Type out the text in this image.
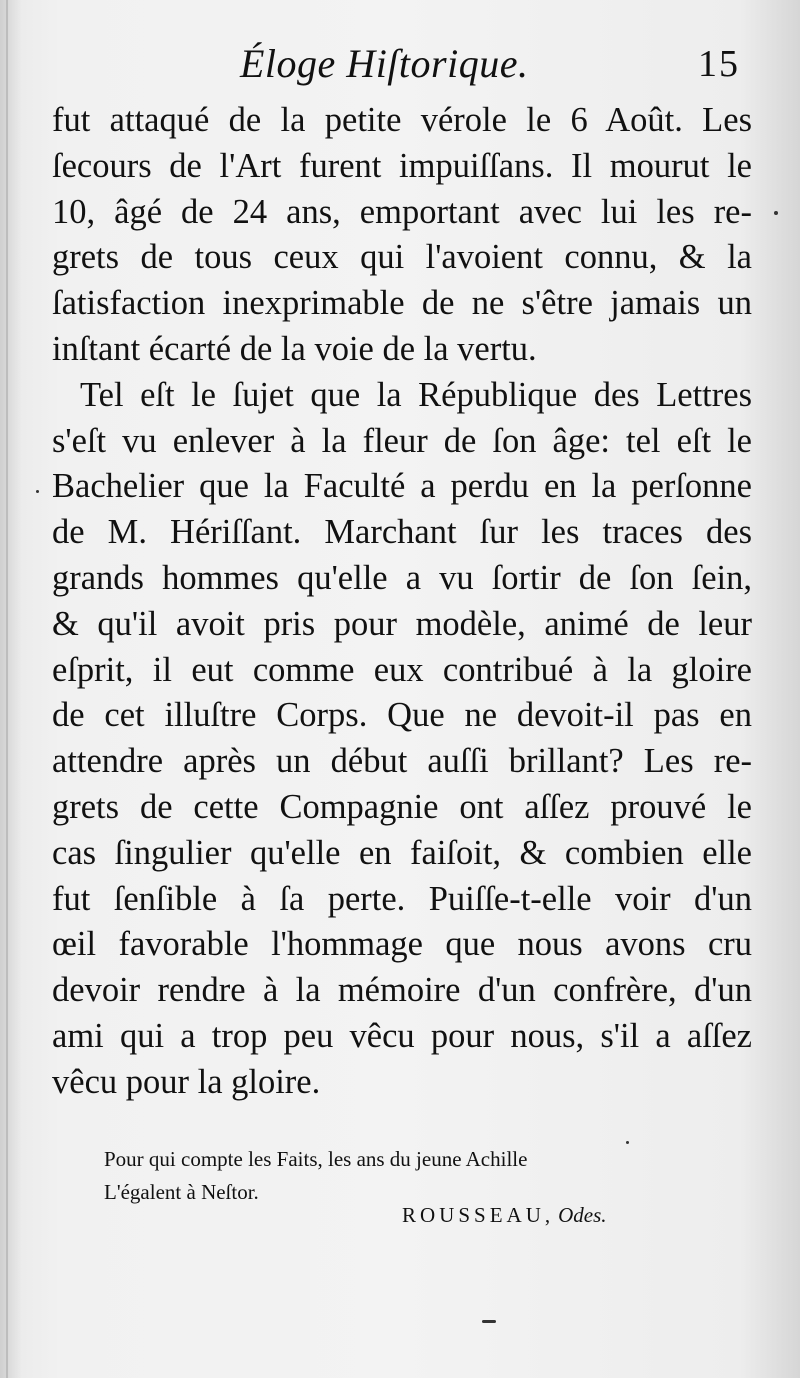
Éloge Hiſtorique.	15
fut attaqué de la petite vérole le 6 Août. Les
ſecours de l'Art furent impuiſſans. Il mourut le
10, âgé de 24 ans, emportant avec lui les re-
grets de tous ceux qui l'avoient connu, & la
ſatisfaction inexprimable de ne s'être jamais un
inſtant écarté de la voie de la vertu.
Tel eſt le ſujet que la République des Lettres
s'eſt vu enlever à la fleur de ſon âge: tel eſt le
Bachelier que la Faculté a perdu en la perſonne
de M. Hériſſant. Marchant ſur les traces des
grands hommes qu'elle a vu ſortir de ſon ſein,
& qu'il avoit pris pour modèle, animé de leur
eſprit, il eut comme eux contribué à la gloire
de cet illuſtre Corps. Que ne devoit-il pas en
attendre après un début auſſi brillant? Les re-
grets de cette Compagnie ont aſſez prouvé le
cas ſingulier qu'elle en faiſoit, & combien elle
fut ſenſible à ſa perte. Puiſſe-t-elle voir d'un
œil favorable l'hommage que nous avons cru
devoir rendre à la mémoire d'un confrère, d'un
ami qui a trop peu vêcu pour nous, s'il a aſſez
vêcu pour la gloire.
Pour qui compte les Faits, les ans du jeune Achille
L'égalent à Neſtor.
ROUSSEAU, Odes.
